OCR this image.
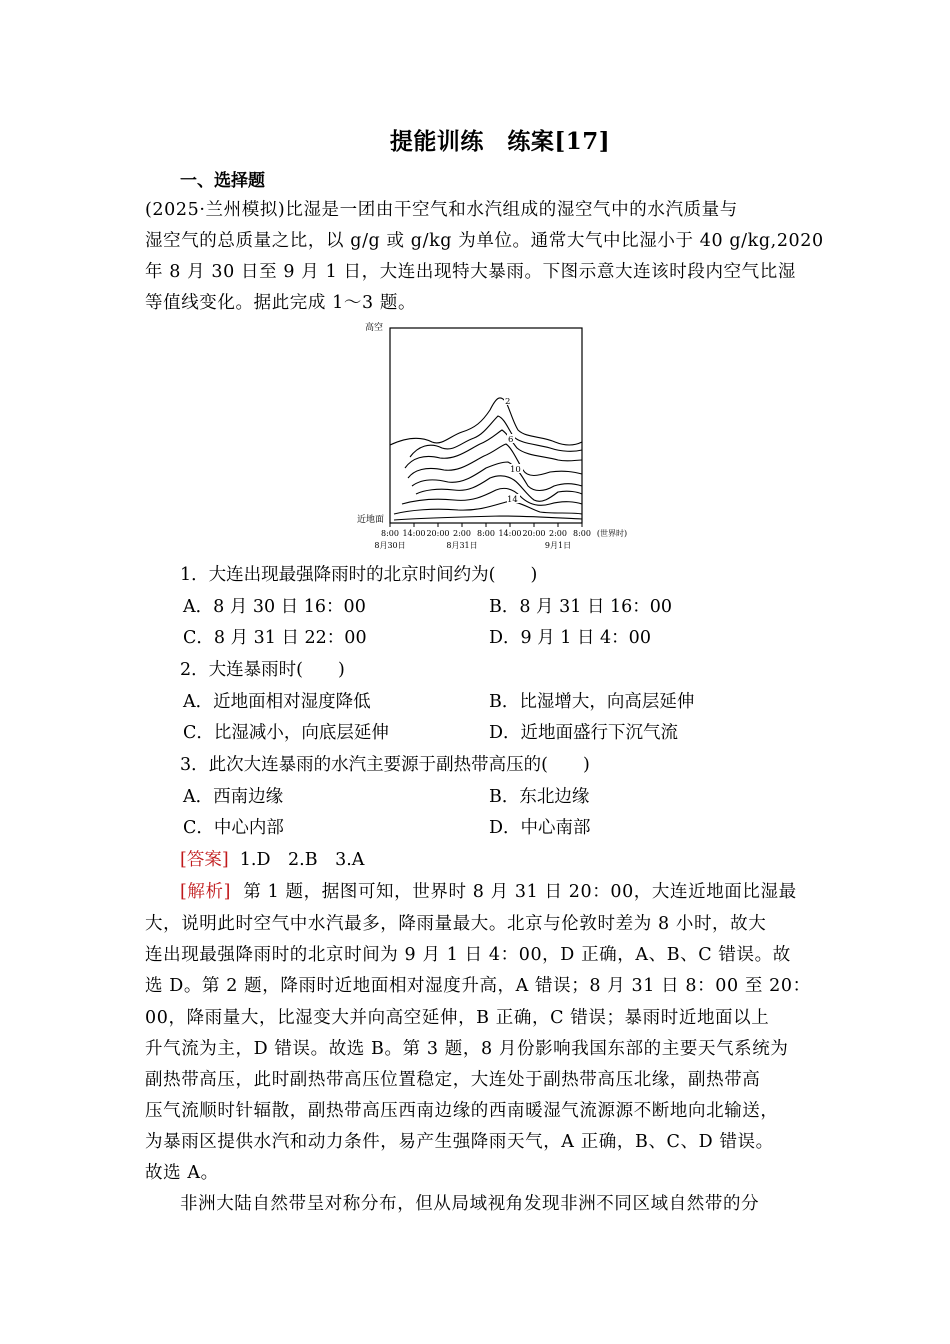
提能训练　练案[17]
一、选择题
(2025·兰州模拟)比湿是一团由干空气和水汽组成的湿空气中的水汽质量与
湿空气的总质量之比，以 g/g 或 g/kg 为单位。通常大气中比湿小于 40 g/kg,2020
年 8 月 30 日至 9 月 1 日，大连出现特大暴雨。下图示意大连该时段内空气比湿
等值线变化。据此完成 1～3 题。
高空
近地面
2
6
10
14
8:00 14:00 20:00 2:00 8:00 14:00 20:00 2:00 8:00 (世界时)
8月30日	8月31日	9月1日
1．大连出现最强降雨时的北京时间约为(　　)
A．8 月 30 日 16：00	B．8 月 31 日 16：00
C．8 月 31 日 22：00	D．9 月 1 日 4：00
2．大连暴雨时(　　)
A．近地面相对湿度降低	B．比湿增大，向高层延伸
C．比湿减小，向底层延伸	D．近地面盛行下沉气流
3．此次大连暴雨的水汽主要源于副热带高压的(　　)
A．西南边缘	B．东北边缘
C．中心内部	D．中心南部
[答案] 1.D　2.B　3.A
[解析] 第 1 题，据图可知，世界时 8 月 31 日 20：00，大连近地面比湿最
大，说明此时空气中水汽最多，降雨量最大。北京与伦敦时差为 8 小时，故大
连出现最强降雨时的北京时间为 9 月 1 日 4：00，D 正确，A、B、C 错误。故
选 D。第 2 题，降雨时近地面相对湿度升高，A 错误；8 月 31 日 8：00 至 20：
00，降雨量大，比湿变大并向高空延伸，B 正确，C 错误；暴雨时近地面以上
升气流为主，D 错误。故选 B。第 3 题，8 月份影响我国东部的主要天气系统为
副热带高压，此时副热带高压位置稳定，大连处于副热带高压北缘，副热带高
压气流顺时针辐散，副热带高压西南边缘的西南暖湿气流源源不断地向北输送，
为暴雨区提供水汽和动力条件，易产生强降雨天气，A 正确，B、C、D 错误。
故选 A。
非洲大陆自然带呈对称分布，但从局域视角发现非洲不同区域自然带的分
